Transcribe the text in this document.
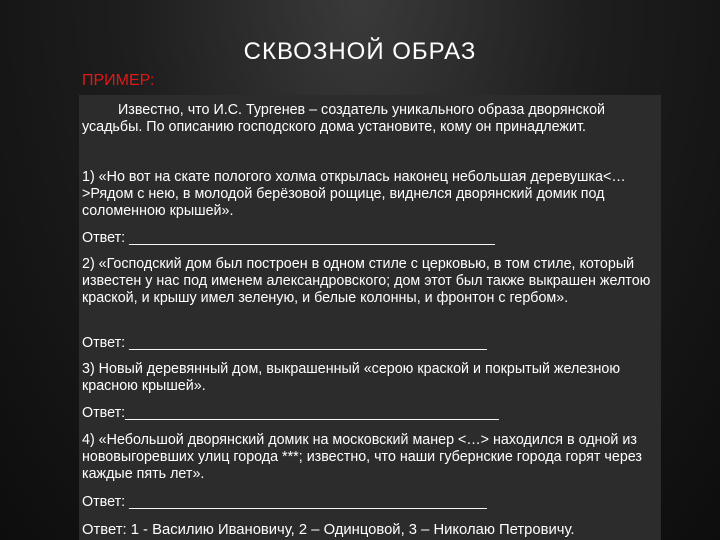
СКВОЗНОЙ ОБРАЗ
ПРИМЕР:
Известно, что И.С. Тургенев – создатель уникального образа дворянской усадьбы. По описанию господского дома установите, кому он принадлежит.
1) «Но вот на скате пологого холма открылась наконец небольшая деревушка<…>Рядом с нею, в молодой берёзовой рощице, виднелся дворянский домик под соломенною крышей».
Ответ: ______________________________________________
2) «Господский дом был построен в одном стиле с церковью, в том стиле, который известен у нас под именем александровского; дом этот был также выкрашен желтою краской, и крышу имел зеленую, и белые колонны, и фронтон с гербом».
Ответ: _____________________________________________
3) Новый деревянный дом, выкрашенный «серою краской и покрытый железною красною крышей».
Ответ:_______________________________________________
4) «Небольшой дворянский домик на московский манер <…> находился в одной из нововыгоревших улиц города ***; известно, что наши губернские города горят через каждые пять лет».
Ответ: _____________________________________________
Ответ: 1 - Василию Ивановичу, 2 – Одинцовой, 3 – Николаю Петровичу.
